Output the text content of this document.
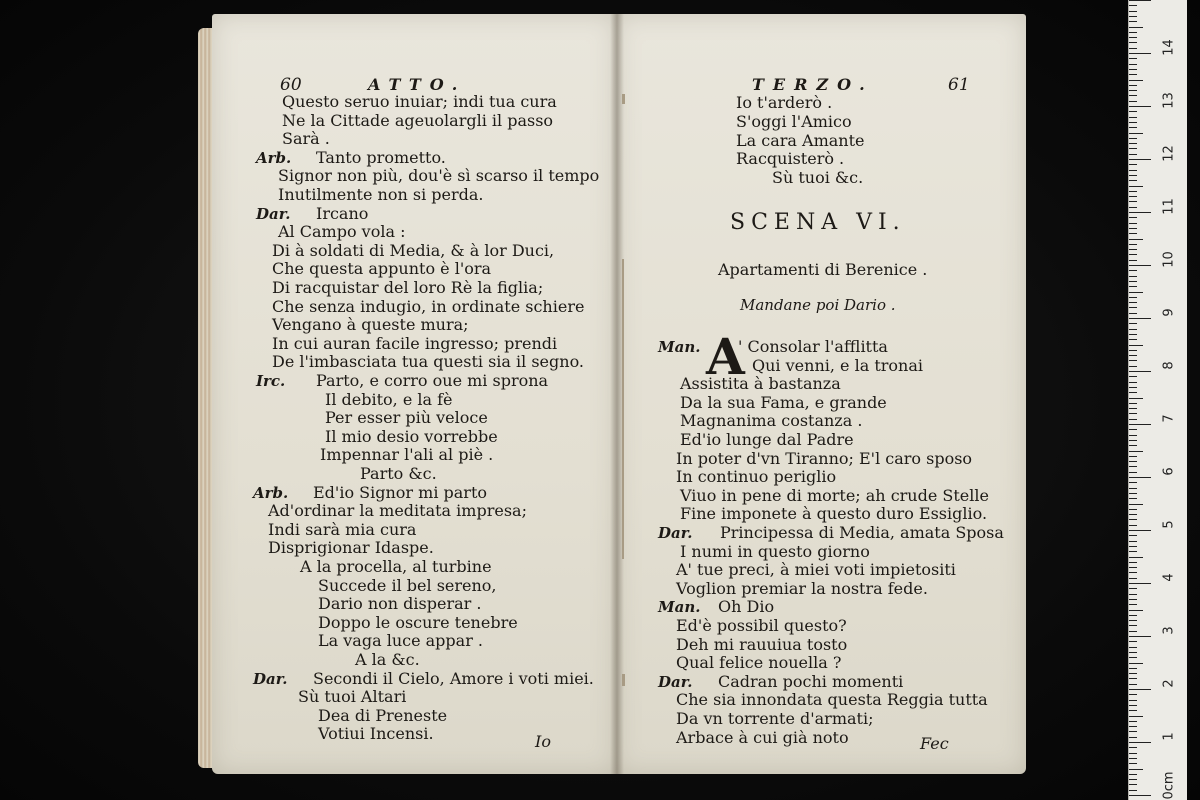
60	ATTO.
Questo seruo inuiar; indi tua cura
Ne la Cittade ageuolargli il passo
Sarà .
Arb. Tanto prometto.
Signor non più, dou'è sì scarso il tempo
Inutilmente non si perda.
Dar. Ircano
Al Campo vola :
Di à soldati di Media, & à lor Duci,
Che questa appunto è l'ora
Di racquistar del loro Rè la figlia;
Che senza indugio, in ordinate schiere
Vengano à queste mura;
In cui auran facile ingresso; prendi
De l'imbasciata tua questi sia il segno.
Irc. Parto, e corro oue mi sprona
Il debito, e la fè
Per esser più veloce
Il mio desio vorrebbe
Impennar l'ali al piè .
Parto &c.
Arb. Ed'io Signor mi parto
Ad'ordinar la meditata impresa;
Indi sarà mia cura
Disprigionar Idaspe.
A la procella, al turbine
Succede il bel sereno,
Dario non disperar .
Doppo le oscure tenebre
La vaga luce appar .
A la &c.
Dar. Secondi il Cielo, Amore i voti miei.
Sù tuoi Altari
Dea di Preneste
Votiui Incensi.	Io
TERZO.	61
Io t'arderò .
S'oggi l'Amico
La cara Amante
Racquisterò .
Sù tuoi &c.
SCENA VI.
Apartamenti di Berenice .
Mandane poi Dario .
A
Man. ' Consolar l'afflitta
Qui venni, e la tronai
Assistita à bastanza
Da la sua Fama, e grande
Magnanima costanza .
Ed'io lunge dal Padre
In poter d'vn Tiranno; E'l caro sposo
In continuo periglio
Viuo in pene di morte; ah crude Stelle
Fine imponete à questo duro Essiglio.
Dar. Principessa di Media, amata Sposa
I numi in questo giorno
A' tue preci, à miei voti impietositi
Voglion premiar la nostra fede.
Man. Oh Dio
Ed'è possibil questo?
Deh mi rauuiua tosto
Qual felice nouella ?
Dar. Cadran pochi momenti
Che sia innondata questa Reggia tutta
Da vn torrente d'armati;
Arbace à cui già noto	Fec
14
13
12
11
10
9
8
7
6
5
4
3
2
1
0cm
